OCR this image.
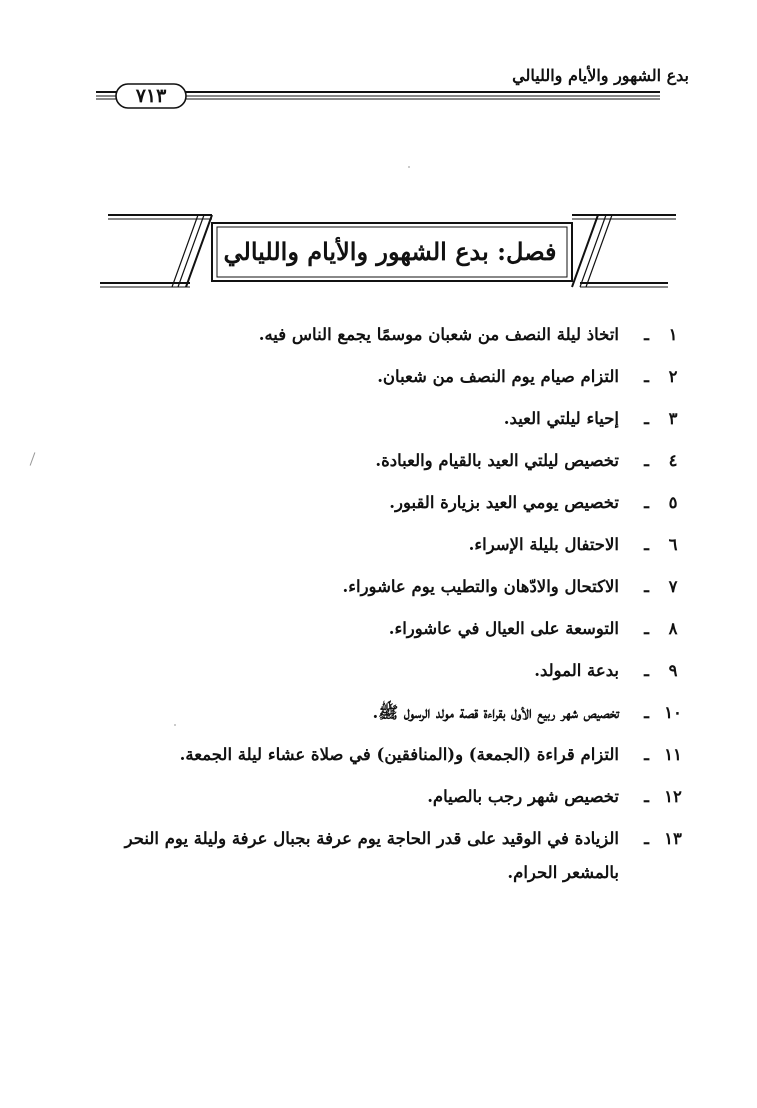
بدع الشهور والأيام والليالي
٧١٣
فصل: بدع الشهور والأيام والليالي
١
ـ
اتخاذ ليلة النصف من شعبان موسمًا يجمع الناس فيه.
٢
ـ
التزام صيام يوم النصف من شعبان.
٣
ـ
إحياء ليلتي العيد.
٤
ـ
تخصيص ليلتي العيد بالقيام والعبادة.
٥
ـ
تخصيص يومي العيد بزيارة القبور.
٦
ـ
الاحتفال بليلة الإسراء.
٧
ـ
الاكتحال والادّهان والتطيب يوم عاشوراء.
٨
ـ
التوسعة على العيال في عاشوراء.
٩
ـ
بدعة المولد.
١٠
ـ
تخصيص شهر ربيع الأول بقراءة قصة مولد الرسول ﷺ.
١١
ـ
التزام قراءة (الجمعة) و(المنافقين) في صلاة عشاء ليلة الجمعة.
١٢
ـ
تخصيص شهر رجب بالصيام.
١٣
ـ
الزيادة في الوقيد على قدر الحاجة يوم عرفة بجبال عرفة وليلة يوم النحر بالمشعر الحرام.
